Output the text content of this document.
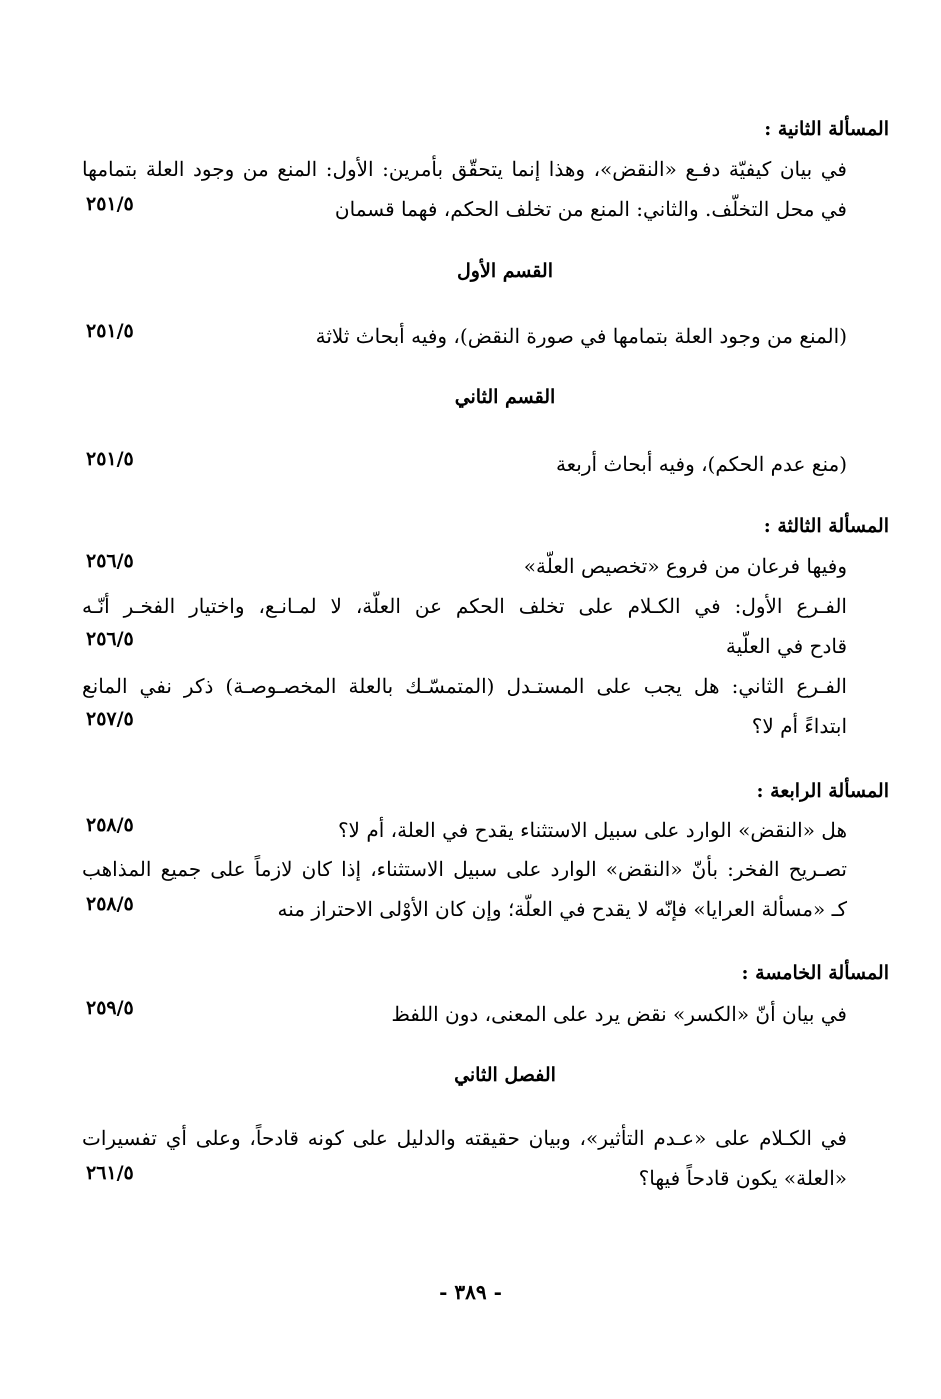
المسألة الثانية :
في بيان كيفيّة دفـع «النقض»، وهذا إنما يتحقّق بأمرين: الأول: المنع من وجود العلة بتمامها
في محل التخلّف. والثاني: المنع من تخلف الحكم، فهما قسمان
٢٥١/٥
القسم الأول
(المنع من وجود العلة بتمامها في صورة النقض)، وفيه أبحاث ثلاثة
٢٥١/٥
القسم الثاني
(منع عدم الحكم)، وفيه أبحاث أربعة
٢٥١/٥
المسألة الثالثة :
وفيها فرعان من فروع «تخصيص العلّة»
٢٥٦/٥
الفـرع الأول: في الكـلام على تخلف الحكم عن العلّة، لا لمـانـع، واختيار الفخـر أنّـه
قادح في العلّية
٢٥٦/٥
الفـرع الثاني: هل يجب على المستـدل (المتمسّـك بالعلة المخصـوصـة) ذكر نفي المانع
ابتداءً أم لا؟
٢٥٧/٥
المسألة الرابعة :
هل «النقض» الوارد على سبيل الاستثناء يقدح في العلة، أم لا؟
٢٥٨/٥
تصـريح الفخر: بأنّ «النقض» الوارد على سبيل الاستثناء، إذا كان لازماً على جميع المذاهب
كـ «مسألة العرايا» فإنّه لا يقدح في العلّة؛ وإن كان الأوْلى الاحتراز منه
٢٥٨/٥
المسألة الخامسة :
في بيان أنّ «الكسر» نقض يرد على المعنى، دون اللفظ
٢٥٩/٥
الفصل الثاني
في الكـلام على «عـدم التأثير»، وبيان حقيقته والدليل على كونه قادحاً، وعلى أي تفسيرات
«العلة» يكون قادحاً فيها؟
٢٦١/٥
- ٣٨٩ -
